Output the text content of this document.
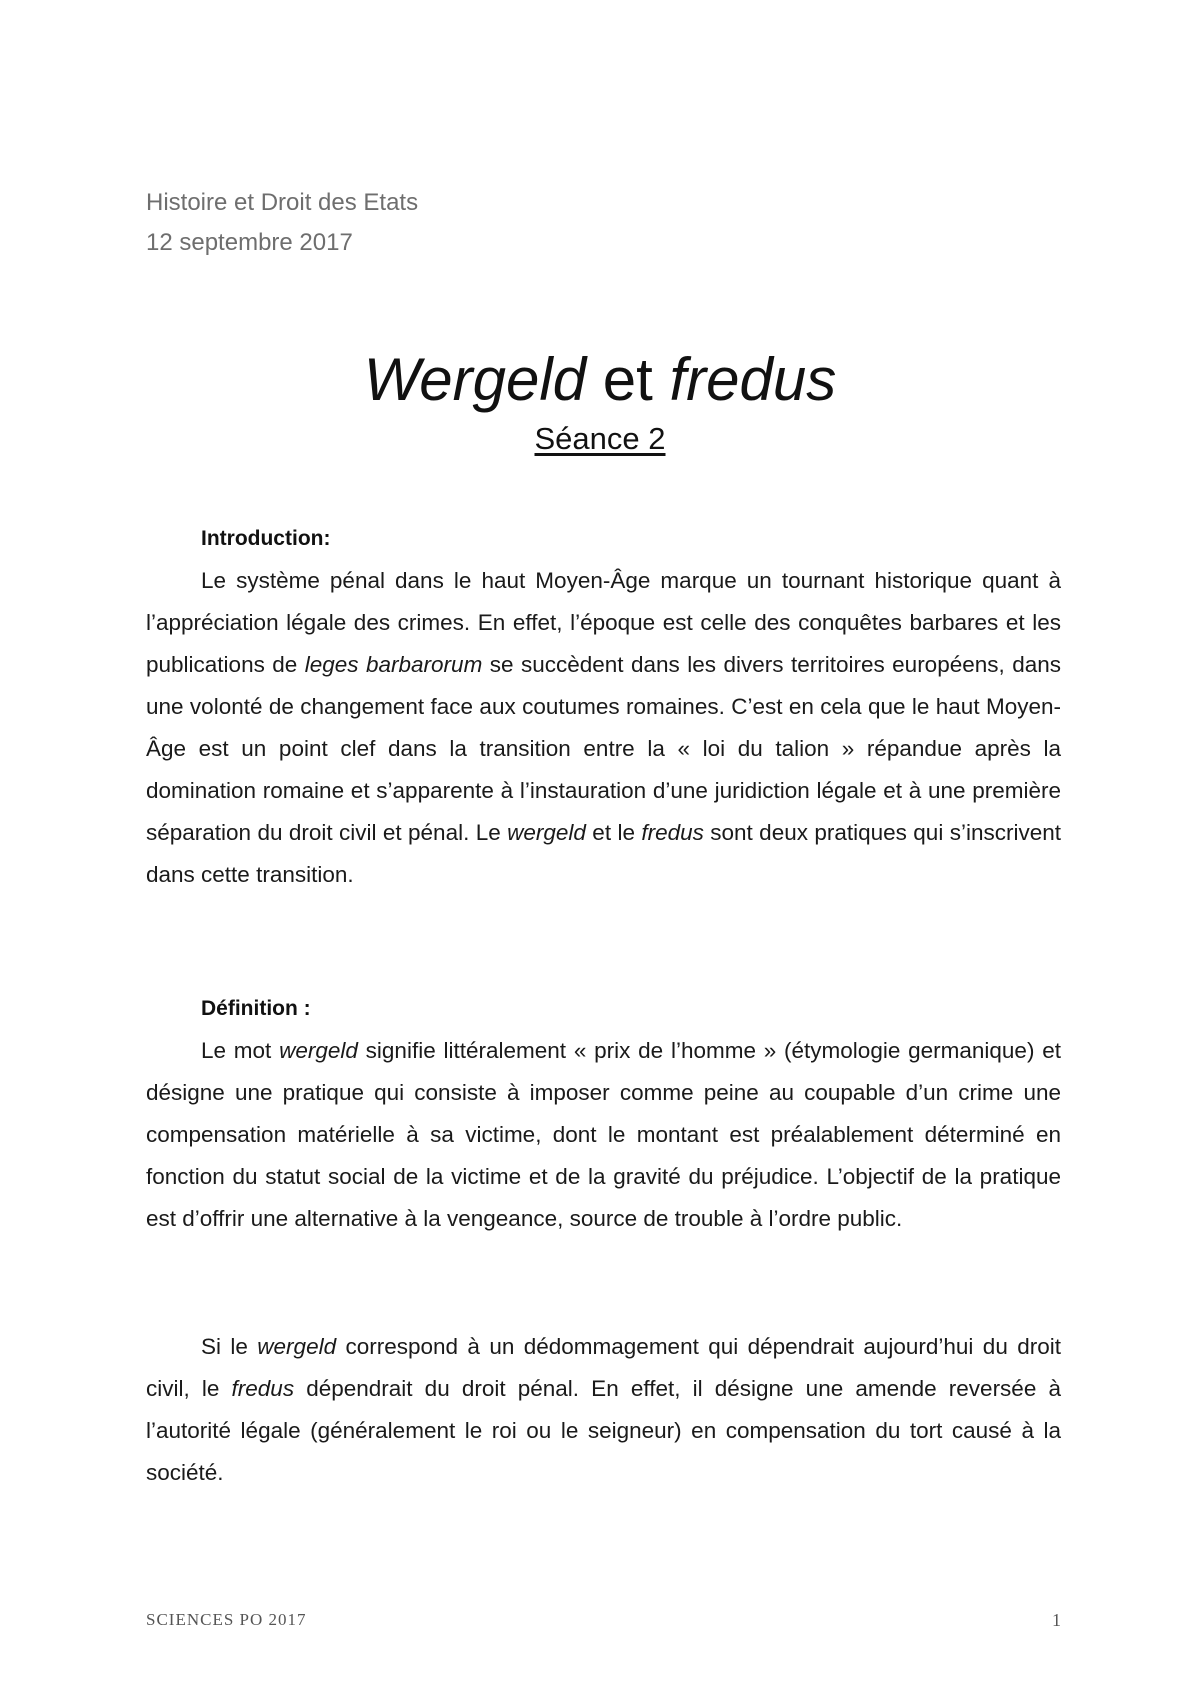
Histoire et Droit des Etats
12 septembre 2017
Wergeld et fredus
Séance 2
Introduction:

Le système pénal dans le haut Moyen-Âge marque un tournant historique quant à l’appréciation légale des crimes. En effet, l’époque est celle des conquêtes barbares et les publications de leges barbarorum se succèdent dans les divers territoires européens, dans une volonté de changement face aux coutumes romaines. C’est en cela que le haut Moyen-Âge est un point clef dans la transition entre la « loi du talion » répandue après la domination romaine et s’apparente à l’instauration d’une juridiction légale et à une première séparation du droit civil et pénal. Le wergeld et le fredus sont deux pratiques qui s’inscrivent dans cette transition.

Définition :

Le mot wergeld signifie littéralement « prix de l’homme » (étymologie germanique) et désigne une pratique qui consiste à imposer comme peine au coupable d’un crime une compensation matérielle à sa victime, dont le montant est préalablement déterminé en fonction du statut social de la victime et de la gravité du préjudice. L’objectif de la pratique est d’offrir une alternative à la vengeance, source de trouble à l’ordre public.

Si le wergeld correspond à un dédommagement qui dépendrait aujourd’hui du droit civil, le fredus dépendrait du droit pénal. En effet, il désigne une amende reversée à l’autorité légale (généralement le roi ou le seigneur) en compensation du tort causé à la société.

SCIENCES PO 2017	1
